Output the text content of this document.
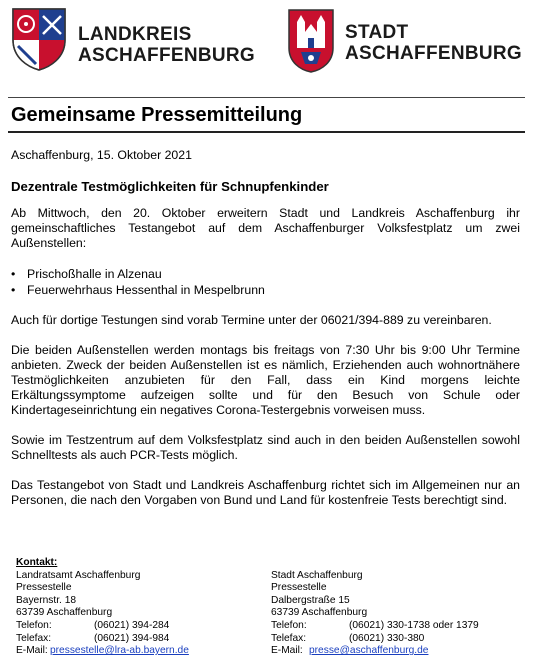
LANDKREIS
ASCHAFFENBURG
STADT
ASCHAFFENBURG
Gemeinsame Pressemitteilung

Aschaffenburg, 15. Oktober 2021

Dezentrale Testmöglichkeiten für Schnupfenkinder

Ab Mittwoch, den 20. Oktober erweitern Stadt und Landkreis Aschaffenburg ihr gemeinschaftliches Testangebot auf dem Aschaffenburger Volksfestplatz um zwei Außenstellen:

• Prischoßhalle in Alzenau
• Feuerwehrhaus Hessenthal in Mespelbrunn

Auch für dortige Testungen sind vorab Termine unter der 06021/394-889 zu vereinbaren.

Die beiden Außenstellen werden montags bis freitags von 7:30 Uhr bis 9:00 Uhr Termine anbieten. Zweck der beiden Außenstellen ist es nämlich, Erziehenden auch wohnortnähere Testmöglichkeiten anzubieten für den Fall, dass ein Kind morgens leichte Erkältungssymptome aufzeigen sollte und für den Besuch von Schule oder Kindertageseinrichtung ein negatives Corona-Testergebnis vorweisen muss.

Sowie im Testzentrum auf dem Volksfestplatz sind auch in den beiden Außenstellen sowohl Schnelltests als auch PCR-Tests möglich.

Das Testangebot von Stadt und Landkreis Aschaffenburg richtet sich im Allgemeinen nur an Personen, die nach den Vorgaben von Bund und Land für kostenfreie Tests berechtigt sind.

Kontakt:
Landratsamt Aschaffenburg
Pressestelle
Bayernstr. 18
63739 Aschaffenburg
Telefon:	(06021) 394-284
Telefax:	(06021) 394-984
E-Mail: pressestelle@lra-ab.bayern.de
Stadt Aschaffenburg
Pressestelle
Dalbergstraße 15
63739 Aschaffenburg
Telefon:	(06021) 330-1738 oder 1379
Telefax:	(06021) 330-380
E-Mail: presse@aschaffenburg.de
